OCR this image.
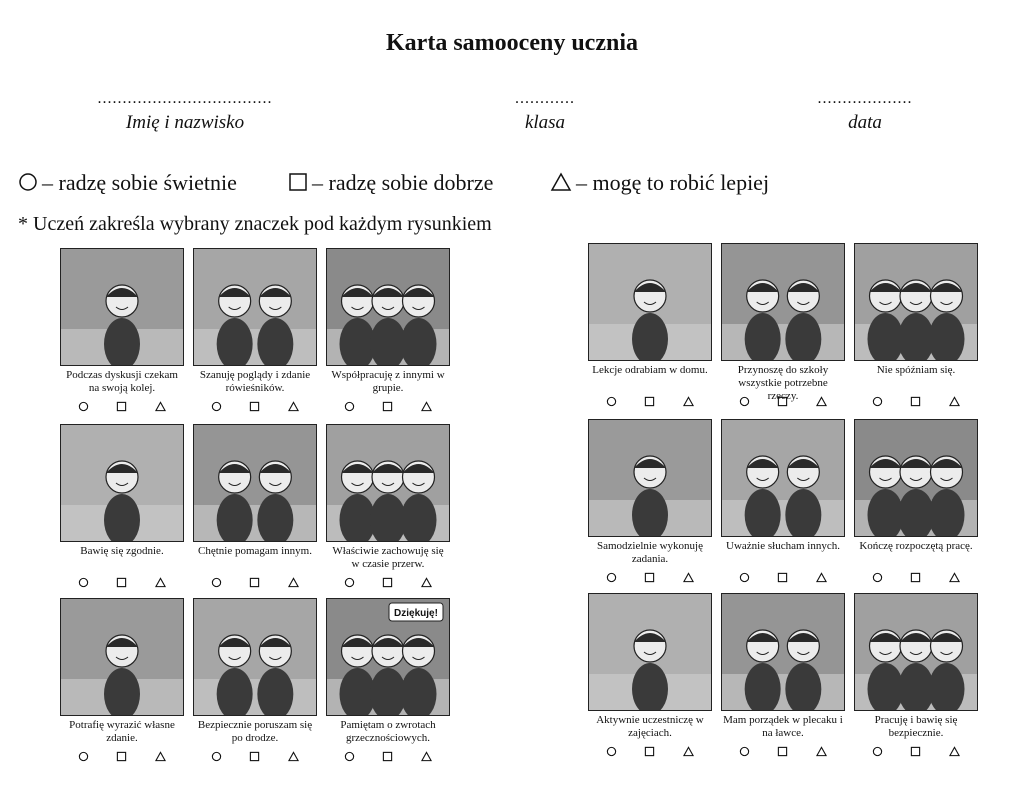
Karta samooceny ucznia
...................................
Imię i nazwisko
............
klasa
...................
data
– radzę sobie świetnie	– radzę sobie dobrze	– mogę to robić lepiej
* Uczeń zakreśla wybrany znaczek pod każdym rysunkiem
Podczas dyskusji czekam na swoją kolej.
Szanuję poglądy i zdanie rówieśników.
Współpracuję z innymi w grupie.
Bawię się zgodnie.	Chętnie pomagam innym.	Właściwie zachowuję się w czasie przerw.
Potrafię wyrazić własne zdanie.
Bezpiecznie poruszam się po drodze.
Dziękuję!
Pamiętam o zwrotach grzecznościowych.
Lekcje odrabiam w domu.	Przynoszę do szkoły wszystkie potrzebne rzeczy.
Nie spóźniam się.
Samodzielnie wykonuję zadania.
Uważnie słucham innych.	Kończę rozpoczętą pracę.
Aktywnie uczestniczę w zajęciach.
Mam porządek w plecaku i na ławce.
Pracuję i bawię się bezpiecznie.
